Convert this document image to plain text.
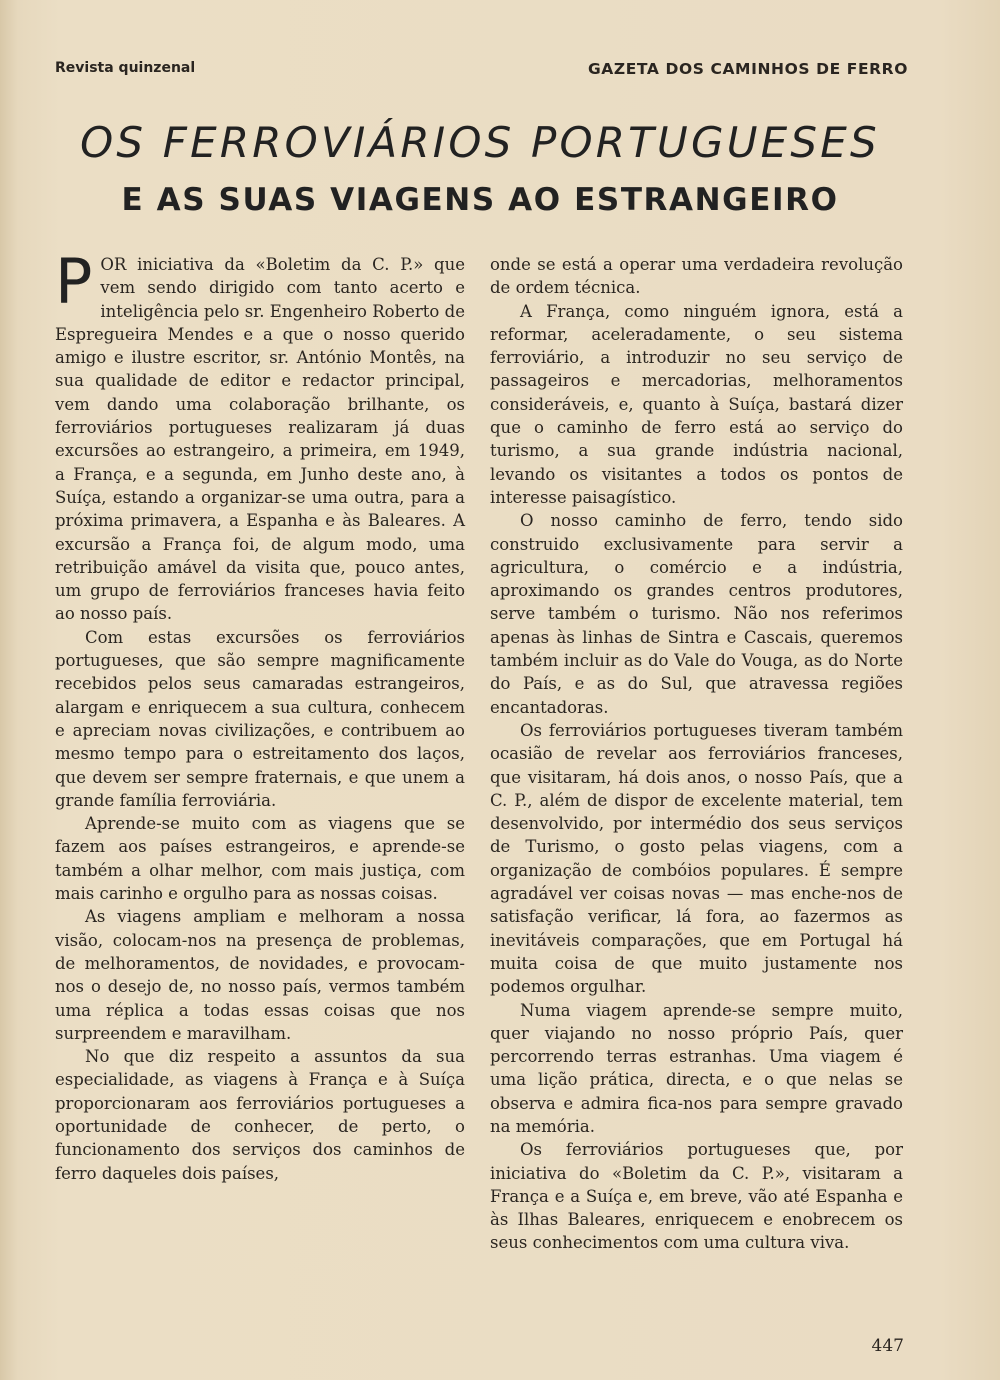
Revista quinzenal	GAZETA DOS CAMINHOS DE FERRO
OS FERROVIÁRIOS PORTUGUESES
E AS SUAS VIAGENS AO ESTRANGEIRO

POR iniciativa da «Boletim da C. P.» que vem sendo dirigido com tanto acerto e inteligência pelo sr. Engenheiro Roberto de Espregueira Mendes e a que o nosso querido amigo e ilustre escritor, sr. António Montês, na sua qualidade de editor e redactor principal, vem dando uma colaboração brilhante, os ferroviários portugueses realizaram já duas excursões ao estrangeiro, a primeira, em 1949, a França, e a segunda, em Junho deste ano, à Suíça, estando a organizar-se uma outra, para a próxima primavera, a Espanha e às Baleares. A excursão a França foi, de algum modo, uma retribuição amável da visita que, pouco antes, um grupo de ferroviários franceses havia feito ao nosso país.

Com estas excursões os ferroviários portugueses, que são sempre magnificamente recebidos pelos seus camaradas estrangeiros, alargam e enriquecem a sua cultura, conhecem e apreciam novas civilizações, e contribuem ao mesmo tempo para o estreitamento dos laços, que devem ser sempre fraternais, e que unem a grande família ferroviária.

Aprende-se muito com as viagens que se fazem aos países estrangeiros, e aprende-se também a olhar melhor, com mais justiça, com mais carinho e orgulho para as nossas coisas.

As viagens ampliam e melhoram a nossa visão, colocam-nos na presença de problemas, de melhoramentos, de novidades, e provocam-nos o desejo de, no nosso país, vermos também uma réplica a todas essas coisas que nos surpreendem e maravilham.

No que diz respeito a assuntos da sua especialidade, as viagens à França e à Suíça proporcionaram aos ferroviários portugueses a oportunidade de conhecer, de perto, o funcionamento dos serviços dos caminhos de ferro daqueles dois países,

onde se está a operar uma verdadeira revolução de ordem técnica.

A França, como ninguém ignora, está a reformar, aceleradamente, o seu sistema ferroviário, a introduzir no seu serviço de passageiros e mercadorias, melhoramentos consideráveis, e, quanto à Suíça, bastará dizer que o caminho de ferro está ao serviço do turismo, a sua grande indústria nacional, levando os visitantes a todos os pontos de interesse paisagístico.

O nosso caminho de ferro, tendo sido construido exclusivamente para servir a agricultura, o comércio e a indústria, aproximando os grandes centros produtores, serve também o turismo. Não nos referimos apenas às linhas de Sintra e Cascais, queremos também incluir as do Vale do Vouga, as do Norte do País, e as do Sul, que atravessa regiões encantadoras.

Os ferroviários portugueses tiveram também ocasião de revelar aos ferroviários franceses, que visitaram, há dois anos, o nosso País, que a C. P., além de dispor de excelente material, tem desenvolvido, por intermédio dos seus serviços de Turismo, o gosto pelas viagens, com a organização de combóios populares. É sempre agradável ver coisas novas — mas enche-nos de satisfação verificar, lá fora, ao fazermos as inevitáveis comparações, que em Portugal há muita coisa de que muito justamente nos podemos orgulhar.

Numa viagem aprende-se sempre muito, quer viajando no nosso próprio País, quer percorrendo terras estranhas. Uma viagem é uma lição prática, directa, e o que nelas se observa e admira fica-nos para sempre gravado na memória.

Os ferroviários portugueses que, por iniciativa do «Boletim da C. P.», visitaram a França e a Suíça e, em breve, vão até Espanha e às Ilhas Baleares, enriquecem e enobrecem os seus conhecimentos com uma cultura viva.

447
